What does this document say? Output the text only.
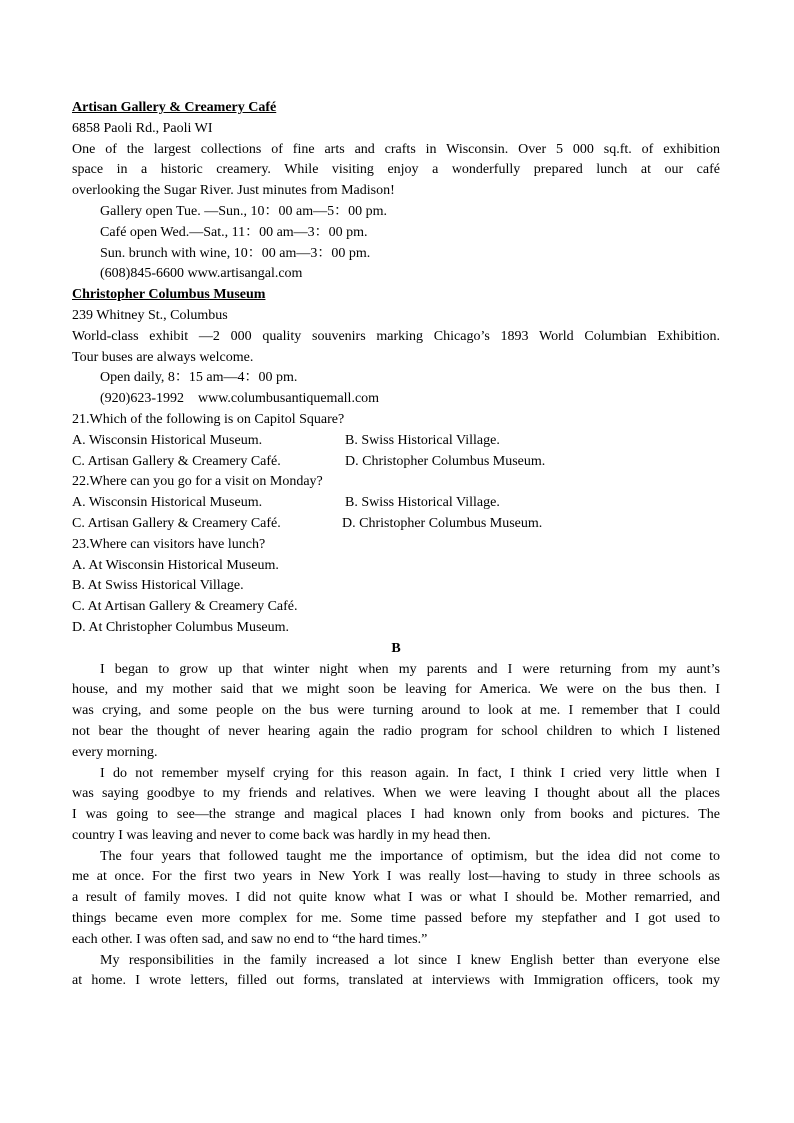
Artisan Gallery & Creamery Café
6858 Paoli Rd., Paoli WI
One of the largest collections of fine arts and crafts in Wisconsin. Over 5 000 sq.ft. of exhibition
space in a historic creamery. While visiting enjoy a wonderfully prepared lunch at our café
overlooking the Sugar River. Just minutes from Madison!
Gallery open Tue. —Sun., 10：00 am—5：00 pm.
Café open Wed.—Sat., 11：00 am—3：00 pm.
Sun. brunch with wine, 10：00 am—3：00 pm.
(608)845-6600 www.artisangal.com
Christopher Columbus Museum
239 Whitney St., Columbus
World-class exhibit —2 000 quality souvenirs marking Chicago’s 1893 World Columbian Exhibition.
Tour buses are always welcome.
Open daily, 8：15 am—4：00 pm.
(920)623-1992    www.columbusantiquemall.com
21.Which of the following is on Capitol Square?
A. Wisconsin Historical Museum.	B. Swiss Historical Village.
C. Artisan Gallery & Creamery Café.	D. Christopher Columbus Museum.
22.Where can you go for a visit on Monday?
A. Wisconsin Historical Museum.	B. Swiss Historical Village.
C. Artisan Gallery & Creamery Café.	D. Christopher Columbus Museum.
23.Where can visitors have lunch?
A. At Wisconsin Historical Museum.
B. At Swiss Historical Village.
C. At Artisan Gallery & Creamery Café.
D. At Christopher Columbus Museum.
B
I began to grow up that winter night when my parents and I were returning from my aunt’s
house, and my mother said that we might soon be leaving for America. We were on the bus then. I
was crying, and some people on the bus were turning around to look at me. I remember that I could
not bear the thought of never hearing again the radio program for school children to which I listened
every morning.
I do not remember myself crying for this reason again. In fact, I think I cried very little when I
was saying goodbye to my friends and relatives. When we were leaving I thought about all the places
I was going to see—the strange and magical places I had known only from books and pictures. The
country I was leaving and never to come back was hardly in my head then.
The four years that followed taught me the importance of optimism, but the idea did not come to
me at once. For the first two years in New York I was really lost—having to study in three schools as
a result of family moves. I did not quite know what I was or what I should be. Mother remarried, and
things became even more complex for me. Some time passed before my stepfather and I got used to
each other. I was often sad, and saw no end to “the hard times.”
My responsibilities in the family increased a lot since I knew English better than everyone else
at home. I wrote letters, filled out forms, translated at interviews with Immigration officers, took my
